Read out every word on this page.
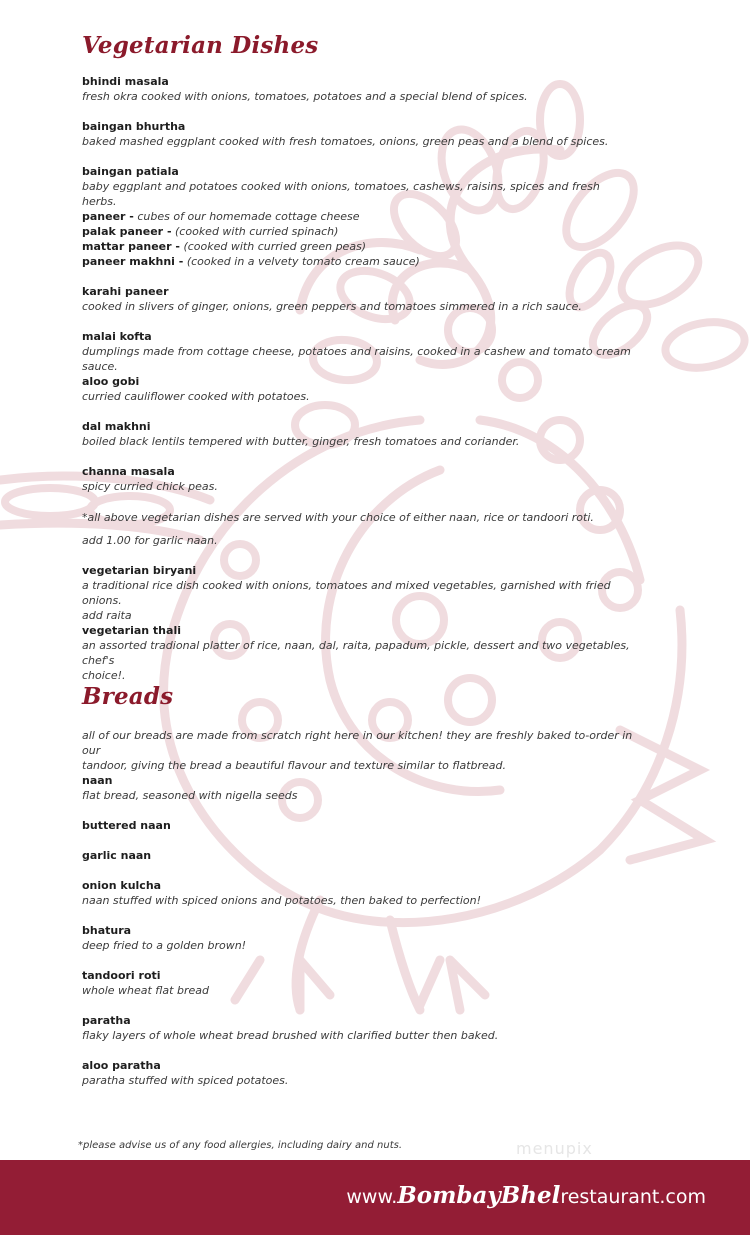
Vegetarian Dishes
bhindi masala
fresh okra cooked with onions, tomatoes, potatoes and a special blend of spices.
baingan bhurtha
baked mashed eggplant cooked with fresh tomatoes, onions, green peas and a blend of spices.
baingan patiala
baby eggplant and potatoes cooked with onions, tomatoes, cashews, raisins, spices and fresh herbs.
paneer - cubes of our homemade cottage cheese
palak paneer - (cooked with curried spinach)
mattar paneer - (cooked with curried green peas)
paneer makhni - (cooked in a velvety tomato cream sauce)
karahi paneer
cooked in slivers of ginger, onions, green peppers and tomatoes simmered in a rich sauce.
malai kofta
dumplings made from cottage cheese, potatoes and raisins, cooked in a cashew and tomato cream sauce.
aloo gobi
curried cauliflower cooked with potatoes.
dal makhni
boiled black lentils tempered with butter, ginger, fresh tomatoes and coriander.
channa masala
spicy curried chick peas.
*all above vegetarian dishes are served with your choice of either naan, rice or tandoori roti.
add 1.00 for garlic naan.
vegetarian biryani
a traditional rice dish cooked with onions, tomatoes and mixed vegetables, garnished with fried onions.
add raita
vegetarian thali
an assorted tradional platter of rice, naan, dal, raita, papadum, pickle, dessert and two vegetables, chef's
choice!.
Breads
all of our breads are made from scratch right here in our kitchen! they are freshly baked to-order in our
tandoor, giving the bread a beautiful flavour and texture similar to flatbread.
naan
flat bread, seasoned with nigella seeds
buttered naan
garlic naan
onion kulcha
naan stuffed with spiced onions and potatoes, then baked to perfection!
bhatura
deep fried to a golden brown!
tandoori roti
whole wheat flat bread
paratha
flaky layers of whole wheat bread brushed with clarified butter then baked.
aloo paratha
paratha stuffed with spiced potatoes.
*please advise us of any food allergies, including dairy and nuts.	menupix
www.BombayBhelrestaurant.com
